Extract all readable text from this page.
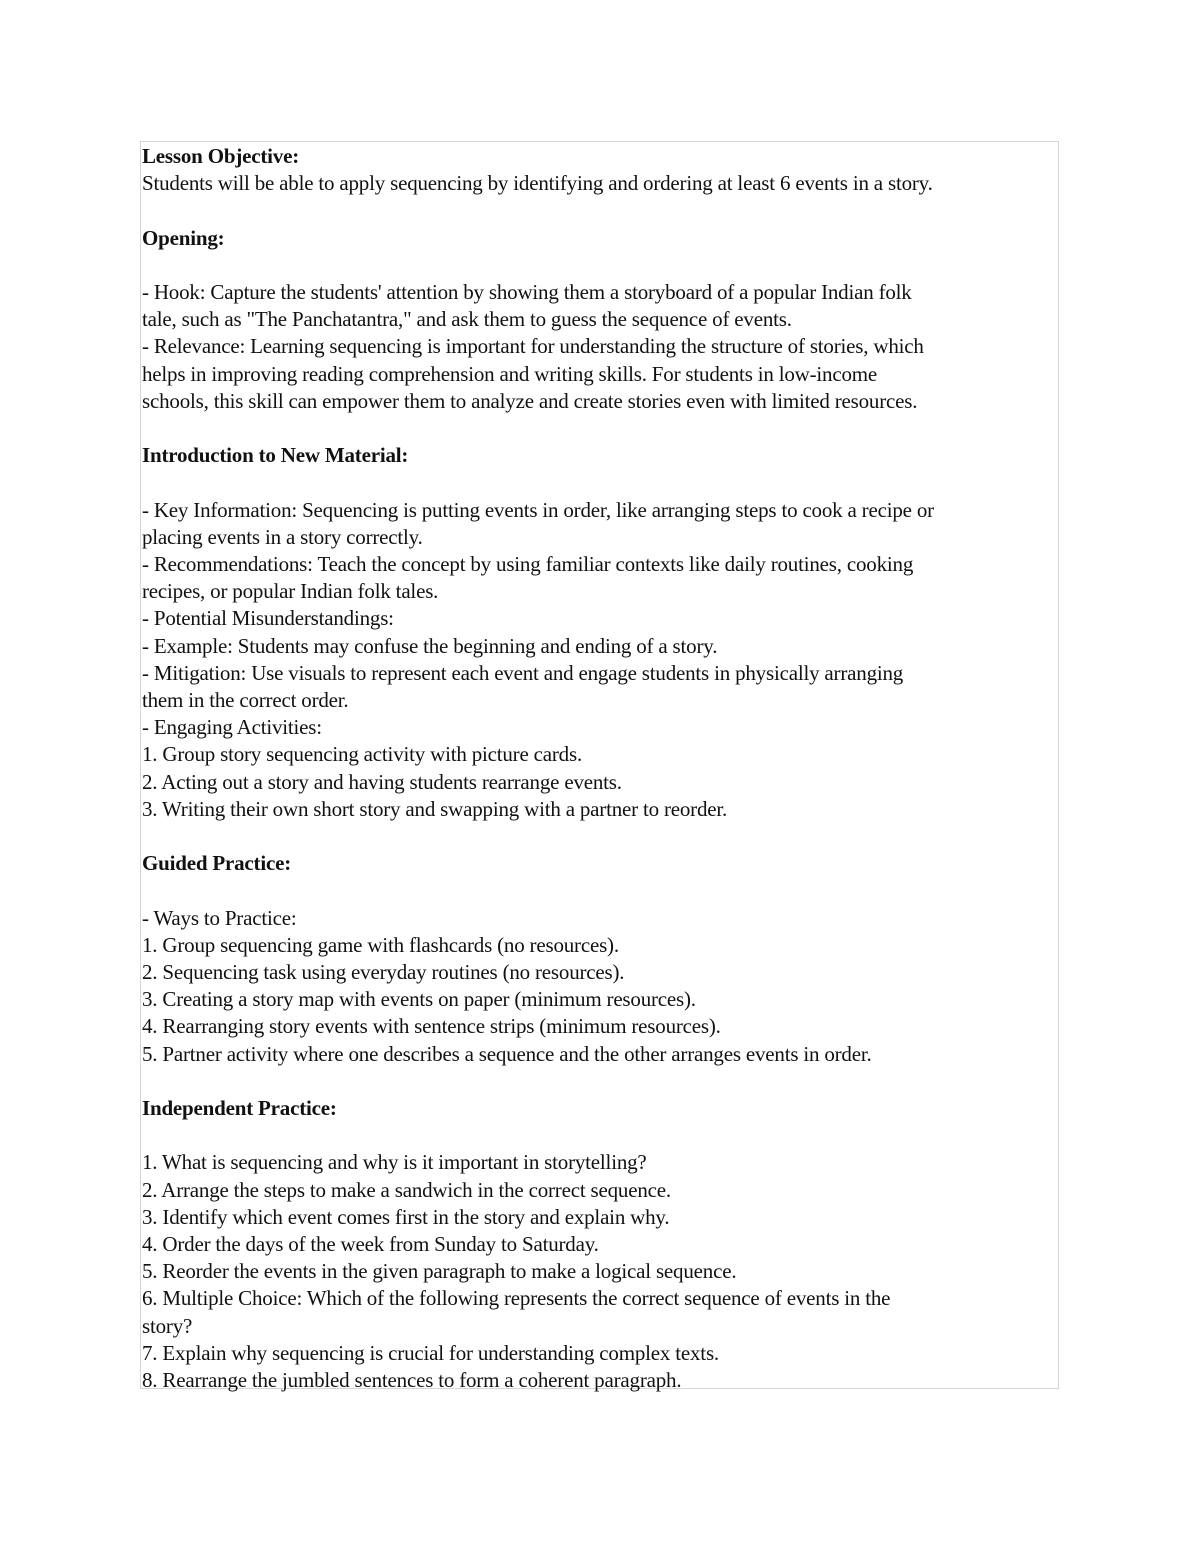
Lesson Objective:
Students will be able to apply sequencing by identifying and ordering at least 6 events in a story.
Opening:
- Hook: Capture the students' attention by showing them a storyboard of a popular Indian folk
tale, such as "The Panchatantra," and ask them to guess the sequence of events.
- Relevance: Learning sequencing is important for understanding the structure of stories, which
helps in improving reading comprehension and writing skills. For students in low-income
schools, this skill can empower them to analyze and create stories even with limited resources.
Introduction to New Material:
- Key Information: Sequencing is putting events in order, like arranging steps to cook a recipe or
placing events in a story correctly.
- Recommendations: Teach the concept by using familiar contexts like daily routines, cooking
recipes, or popular Indian folk tales.
- Potential Misunderstandings:
- Example: Students may confuse the beginning and ending of a story.
- Mitigation: Use visuals to represent each event and engage students in physically arranging
them in the correct order.
- Engaging Activities:
1. Group story sequencing activity with picture cards.
2. Acting out a story and having students rearrange events.
3. Writing their own short story and swapping with a partner to reorder.
Guided Practice:
- Ways to Practice:
1. Group sequencing game with flashcards (no resources).
2. Sequencing task using everyday routines (no resources).
3. Creating a story map with events on paper (minimum resources).
4. Rearranging story events with sentence strips (minimum resources).
5. Partner activity where one describes a sequence and the other arranges events in order.
Independent Practice:
1. What is sequencing and why is it important in storytelling?
2. Arrange the steps to make a sandwich in the correct sequence.
3. Identify which event comes first in the story and explain why.
4. Order the days of the week from Sunday to Saturday.
5. Reorder the events in the given paragraph to make a logical sequence.
6. Multiple Choice: Which of the following represents the correct sequence of events in the
story?
7. Explain why sequencing is crucial for understanding complex texts.
8. Rearrange the jumbled sentences to form a coherent paragraph.
